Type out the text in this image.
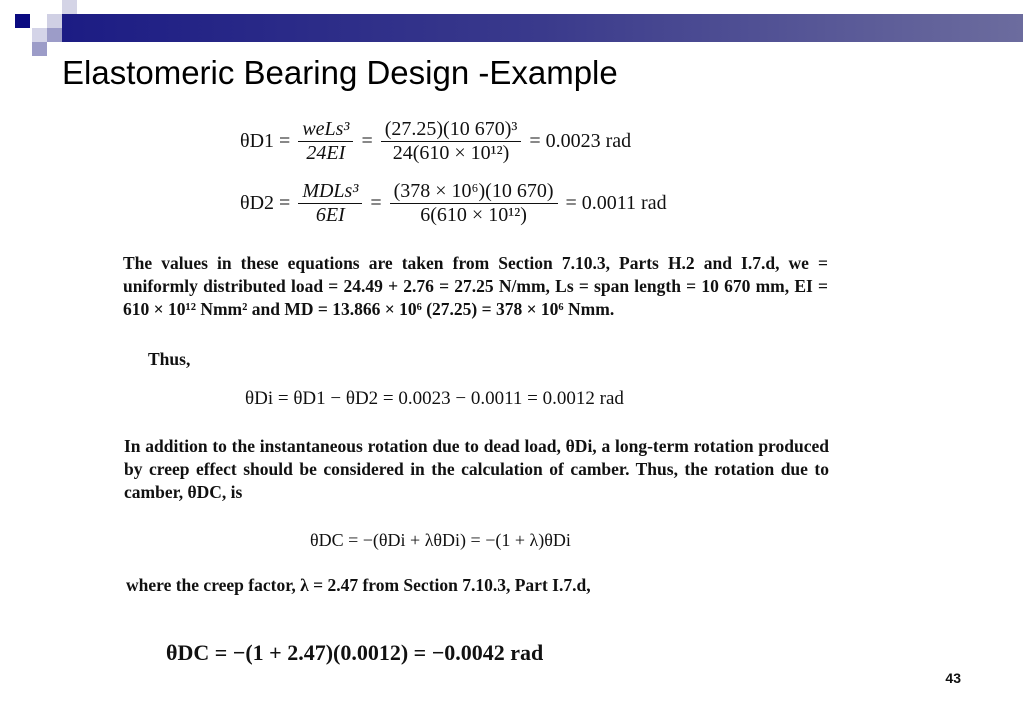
Elastomeric Bearing Design -Example
$\theta D1 = \frac{\text{weLs³}}{24EI} = \frac{\text{(27.25)(10 670)³}}{\text{24(610 × 10¹²)}} = 0.0023$ rad
$\theta D2 = \frac{\text{MDLs³}}{6EI} = \frac{\text{(378 × 10⁶)(10 670)}}{\text{6(610 × 10¹²)}} = 0.0011$ rad
The values in these equations are taken from Section 7.10.3, Parts H.2 and I.7.d, we = uniformly distributed load = 24.49 + 2.76 = 27.25 N/mm, Ls = span length = 10 670 mm, EI = 610 × 10¹² Nmm² and MD = 13.866 × 10⁶ (27.25) = 378 × 10⁶ Nmm.
Thus,
θDi = θD1 − θD2 = 0.0023 − 0.0011 = 0.0012 rad
In addition to the instantaneous rotation due to dead load, θDi, a long-term rotation produced by creep effect should be considered in the calculation of camber. Thus, the rotation due to camber, θDC, is
θDC = −(θDi + λθDi) = −(1 + λ)θDi
where the creep factor, λ = 2.47 from Section 7.10.3, Part I.7.d,
θDC = −(1 + 2.47)(0.0012) = −0.0042 rad
43
